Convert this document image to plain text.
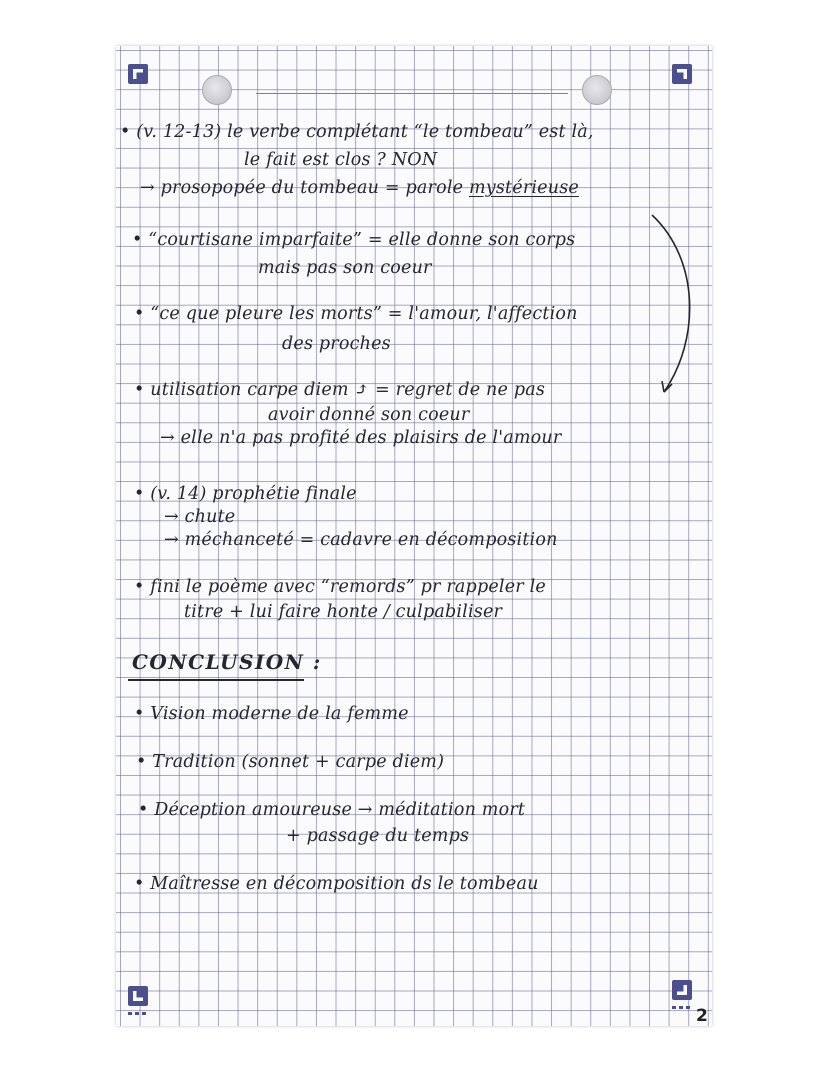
• (v. 12-13) le verbe complétant “le tombeau” est là,
le fait est clos ? NON
→ prosopopée du tombeau = parole mystérieuse
• “courtisane imparfaite” = elle donne son corps
mais pas son coeur
• “ce que pleure les morts” = l'amour, l'affection
des proches
• utilisation carpe diem ⤴ = regret de ne pas
avoir donné son coeur
→ elle n'a pas profité des plaisirs de l'amour
• (v. 14) prophétie finale
→ chute
→ méchanceté = cadavre en décomposition
• fini le poème avec “remords” pr rappeler le
titre + lui faire honte / culpabiliser
CONCLUSION :
• Vision moderne de la femme
• Tradition (sonnet + carpe diem)
• Déception amoureuse → méditation mort
+ passage du temps
• Maîtresse en décomposition ds le tombeau
2
